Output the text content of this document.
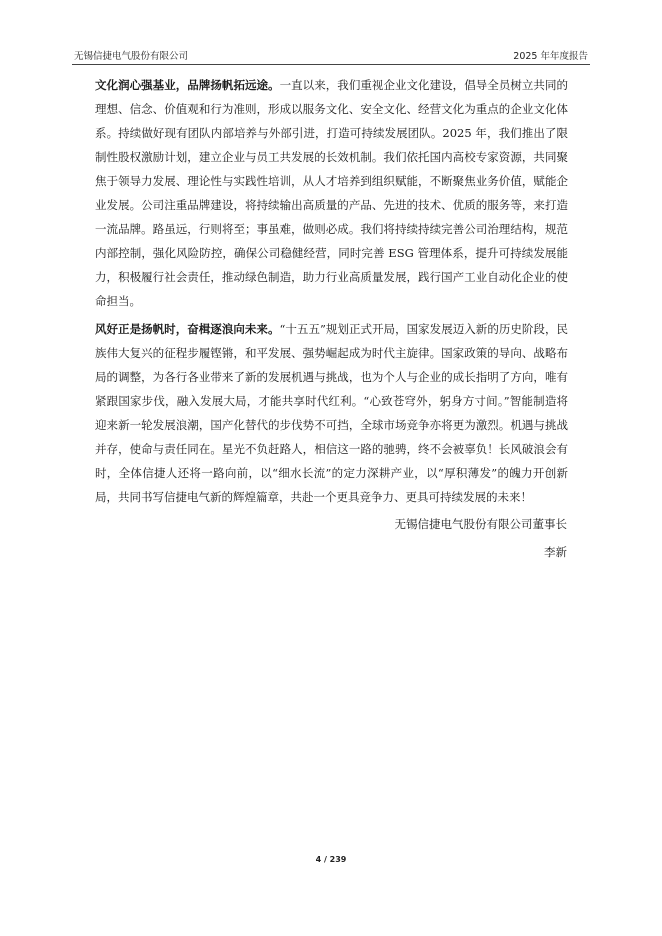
无锡信捷电气股份有限公司	2025 年年度报告

文化润心强基业，品牌扬帆拓远途。一直以来，我们重视企业文化建设，倡导全员树立共同的理想、信念、价值观和行为准则，形成以服务文化、安全文化、经营文化为重点的企业文化体系。持续做好现有团队内部培养与外部引进，打造可持续发展团队。2025 年，我们推出了限制性股权激励计划，建立企业与员工共发展的长效机制。我们依托国内高校专家资源，共同聚焦于领导力发展、理论性与实践性培训，从人才培养到组织赋能，不断聚焦业务价值，赋能企业发展。公司注重品牌建设，将持续输出高质量的产品、先进的技术、优质的服务等，来打造一流品牌。路虽远，行则将至；事虽难，做则必成。我们将持续持续完善公司治理结构，规范内部控制，强化风险防控，确保公司稳健经营，同时完善 ESG 管理体系，提升可持续发展能力，积极履行社会责任，推动绿色制造，助力行业高质量发展，践行国产工业自动化企业的使命担当。

风好正是扬帆时，奋楫逐浪向未来。“十五五”规划正式开局，国家发展迈入新的历史阶段，民族伟大复兴的征程步履铿锵，和平发展、强势崛起成为时代主旋律。国家政策的导向、战略布局的调整，为各行各业带来了新的发展机遇与挑战，也为个人与企业的成长指明了方向，唯有紧跟国家步伐，融入发展大局，才能共享时代红利。“心致苍穹外，躬身方寸间。”智能制造将迎来新一轮发展浪潮，国产化替代的步伐势不可挡，全球市场竞争亦将更为激烈。机遇与挑战并存，使命与责任同在。星光不负赶路人，相信这一路的驰骋，终不会被辜负！长风破浪会有时，全体信捷人还将一路向前，以“细水长流”的定力深耕产业，以“厚积薄发”的魄力开创新局，共同书写信捷电气新的辉煌篇章，共赴一个更具竞争力、更具可持续发展的未来！

无锡信捷电气股份有限公司董事长
李新
4 / 239
